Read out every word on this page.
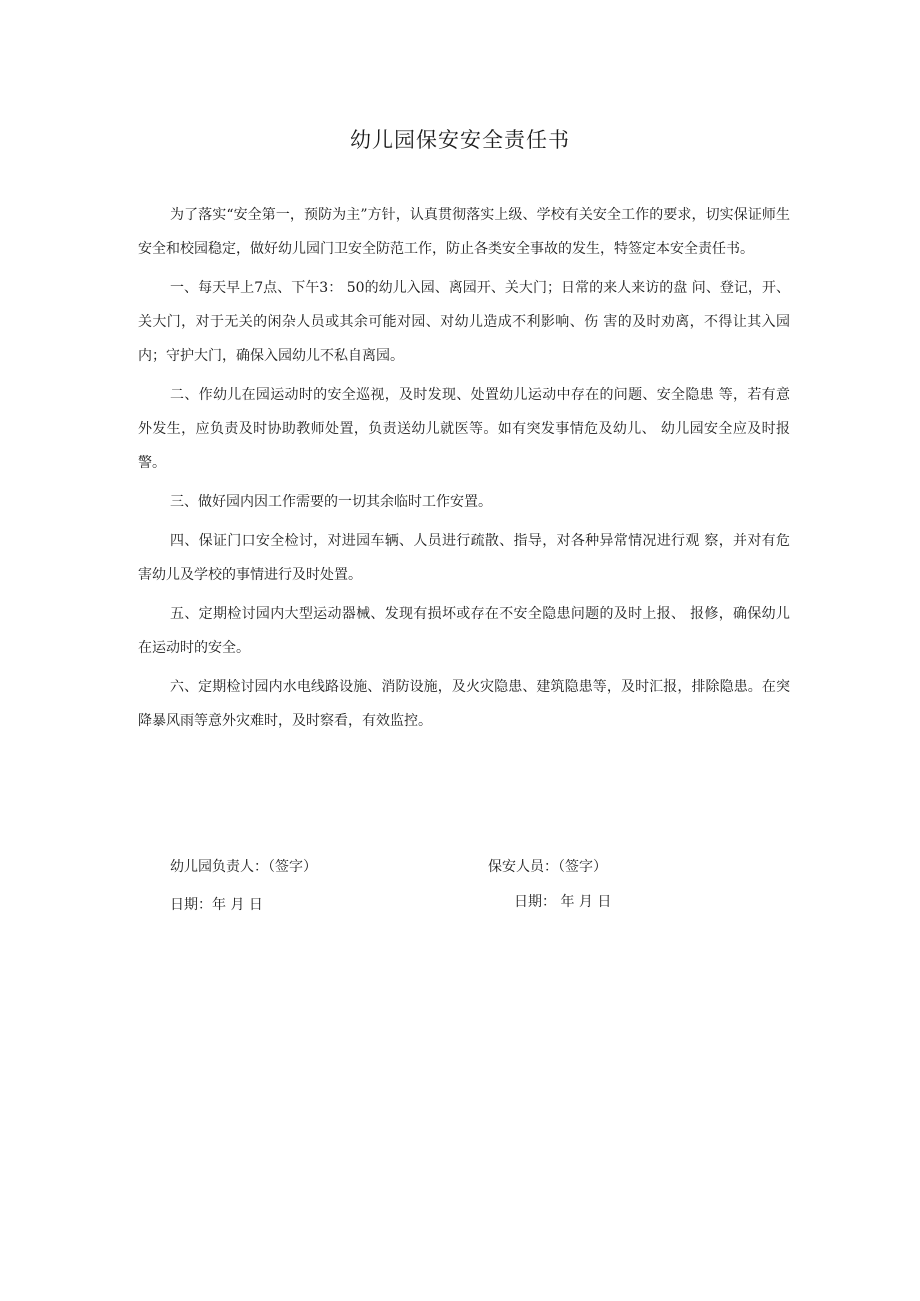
幼儿园保安安全责任书

为了落实“安全第一，预防为主”方针，认真贯彻落实上级、学校有关安全工作的要求，切实保证师生安全和校园稳定，做好幼儿园门卫安全防范工作，防止各类安全事故的发生，特签定本安全责任书。

一、每天早上7点、下午3： 50的幼儿入园、离园开、关大门；日常的来人来访的盘 问、登记，开、关大门，对于无关的闲杂人员或其余可能对园、对幼儿造成不利影响、伤 害的及时劝离，不得让其入园内；守护大门，确保入园幼儿不私自离园。

二、作幼儿在园运动时的安全巡视，及时发现、处置幼儿运动中存在的问题、安全隐患 等，若有意外发生，应负责及时协助教师处置，负责送幼儿就医等。如有突发事情危及幼儿、 幼儿园安全应及时报警。

三、做好园内因工作需要的一切其余临时工作安置。

四、保证门口安全检讨，对进园车辆、人员进行疏散、指导，对各种异常情况进行观 察，并对有危害幼儿及学校的事情进行及时处置。

五、定期检讨园内大型运动器械、发现有损坏或存在不安全隐患问题的及时上报、 报修，确保幼儿在运动时的安全。

六、定期检讨园内水电线路设施、消防设施，及火灾隐患、建筑隐患等，及时汇报，排除隐患。在突降暴风雨等意外灾难时，及时察看，有效监控。

幼儿园负责人：（签字）
日期：年 月 日
保安人员：（签字）
日期： 年 月 日
